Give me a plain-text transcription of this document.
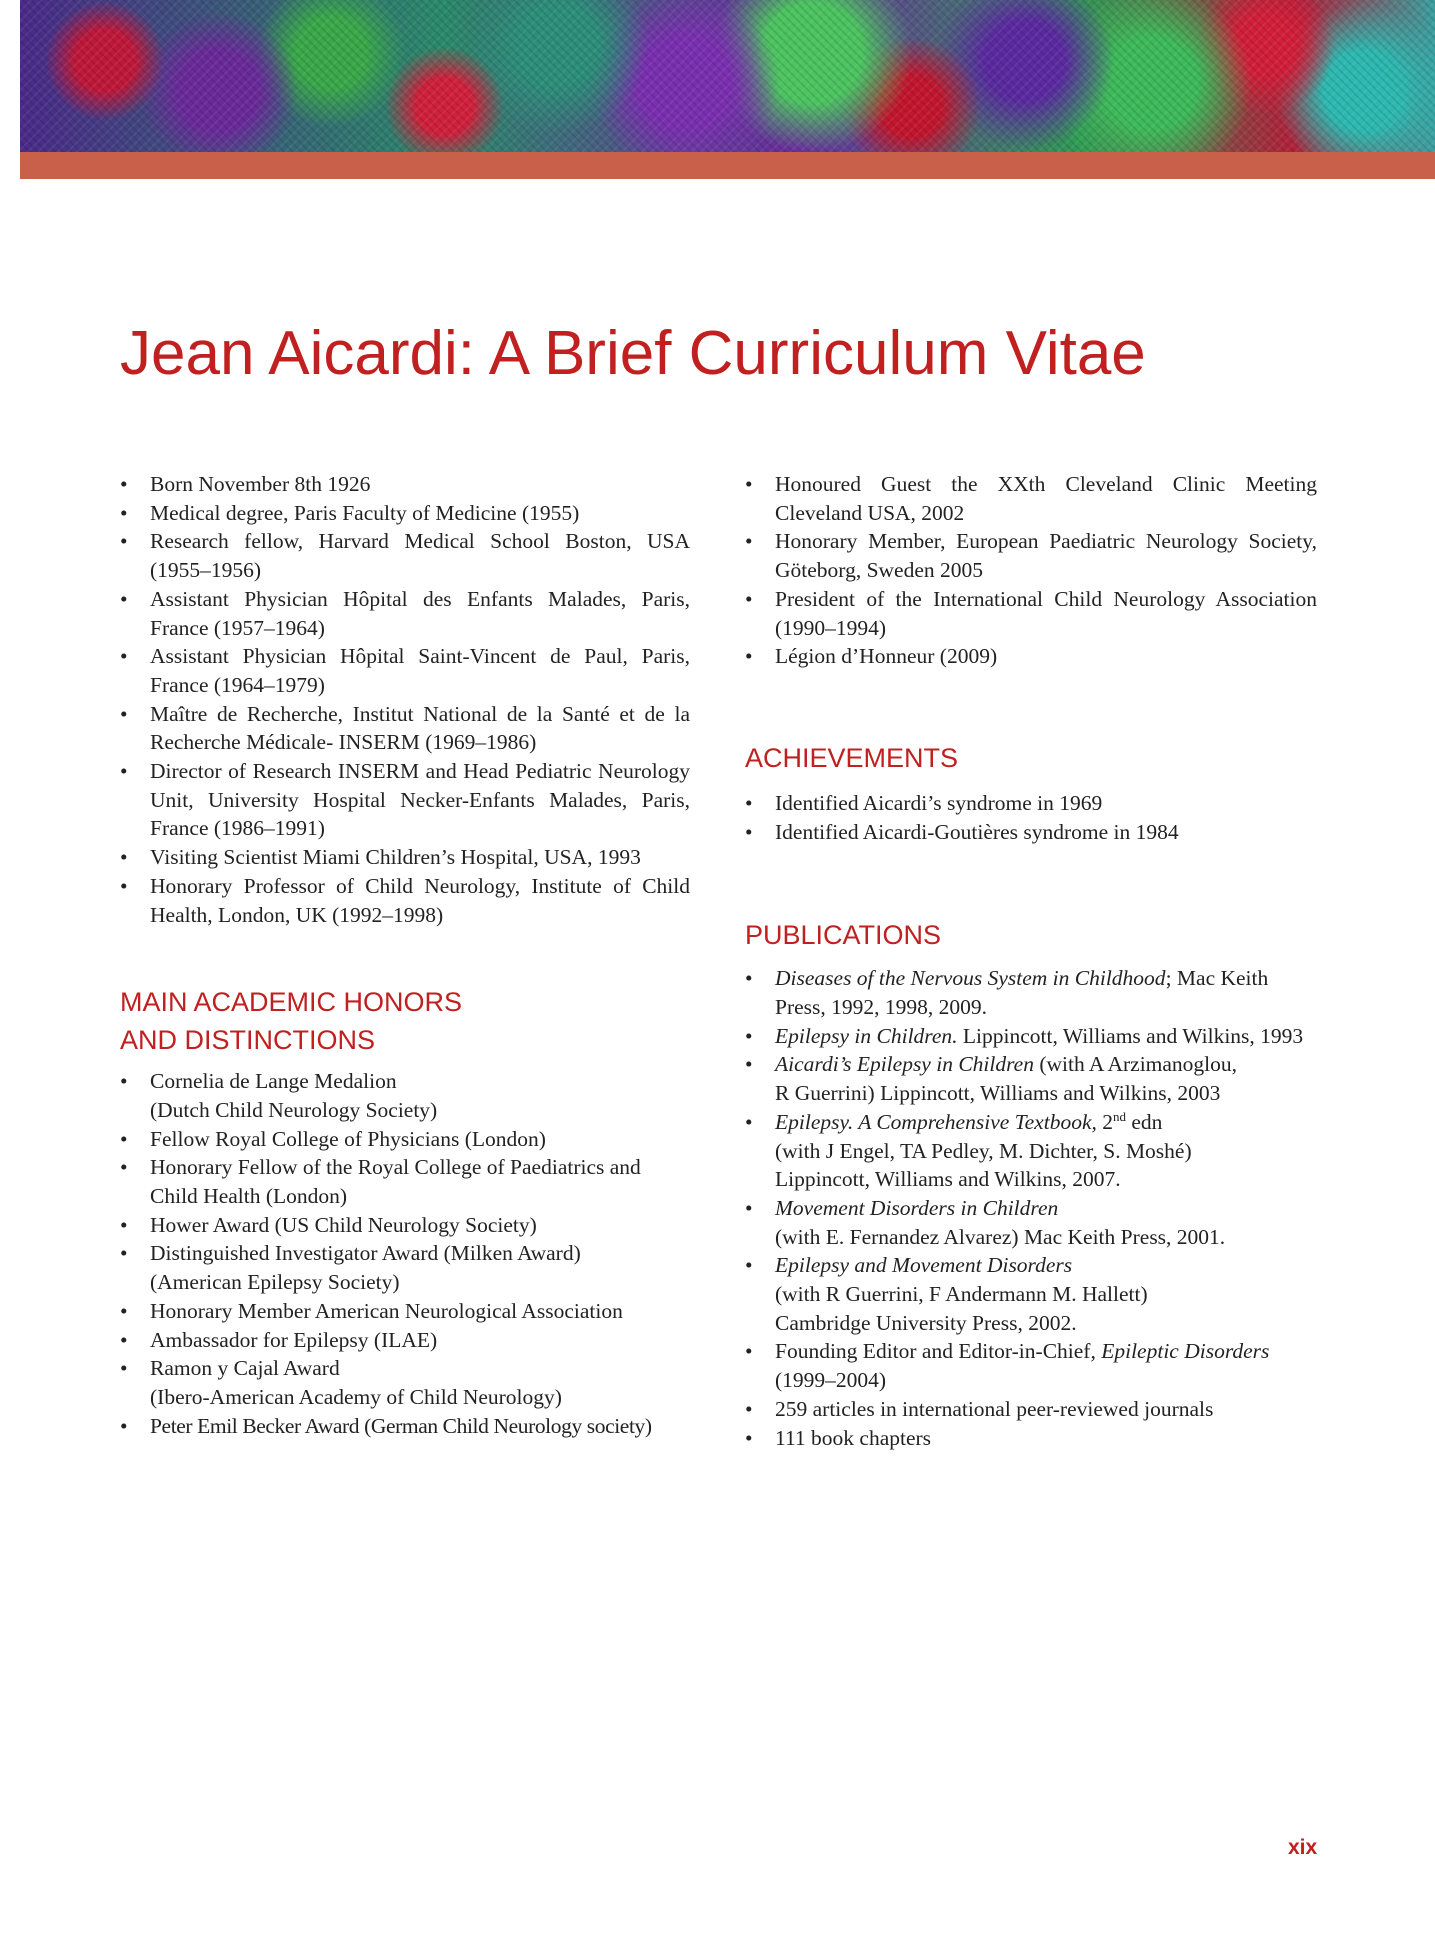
Jean Aicardi: A Brief Curriculum Vitae
• Born November 8th 1926
• Medical degree, Paris Faculty of Medicine (1955)
• Research fellow, Harvard Medical School Boston, USA (1955–1956)
• Assistant Physician Hôpital des Enfants Malades, Paris, France (1957–1964)
• Assistant Physician Hôpital Saint-Vincent de Paul, Paris, France (1964–1979)
• Maître de Recherche, Institut National de la Santé et de la Recherche Médicale- INSERM (1969–1986)
• Director of Research INSERM and Head Pediatric Neurology Unit, University Hospital Necker-Enfants Malades, Paris, France (1986–1991)
• Visiting Scientist Miami Children’s Hospital, USA, 1993
• Honorary Professor of Child Neurology, Institute of Child Health, London, UK (1992–1998)
MAIN ACADEMIC HONORS
AND DISTINCTIONS
• Cornelia de Lange Medalion
(Dutch Child Neurology Society)
• Fellow Royal College of Physicians (London)
• Honorary Fellow of the Royal College of Paediatrics and
Child Health (London)
• Hower Award (US Child Neurology Society)
• Distinguished Investigator Award (Milken Award)
(American Epilepsy Society)
• Honorary Member American Neurological Association
• Ambassador for Epilepsy (ILAE)
• Ramon y Cajal Award
(Ibero-American Academy of Child Neurology)
• Peter Emil Becker Award (German Child Neurology society)
• Honoured Guest the XXth Cleveland Clinic Meeting Cleveland USA, 2002
• Honorary Member, European Paediatric Neurology Society, Göteborg, Sweden 2005
• President of the International Child Neurology Association (1990–1994)
• Légion d’Honneur (2009)
ACHIEVEMENTS
• Identified Aicardi’s syndrome in 1969
• Identified Aicardi-Goutières syndrome in 1984
PUBLICATIONS
• Diseases of the Nervous System in Childhood; Mac Keith
Press, 1992, 1998, 2009.
• Epilepsy in Children. Lippincott, Williams and Wilkins, 1993
• Aicardi’s Epilepsy in Children (with A Arzimanoglou,
R Guerrini) Lippincott, Williams and Wilkins, 2003
• Epilepsy. A Comprehensive Textbook, 2nd edn
(with J Engel, TA Pedley, M. Dichter, S. Moshé)
Lippincott, Williams and Wilkins, 2007.
• Movement Disorders in Children
(with E. Fernandez Alvarez) Mac Keith Press, 2001.
• Epilepsy and Movement Disorders
(with R Guerrini, F Andermann M. Hallett)
Cambridge University Press, 2002.
• Founding Editor and Editor-in-Chief, Epileptic Disorders
(1999–2004)
• 259 articles in international peer-reviewed journals
• 111 book chapters
xix
